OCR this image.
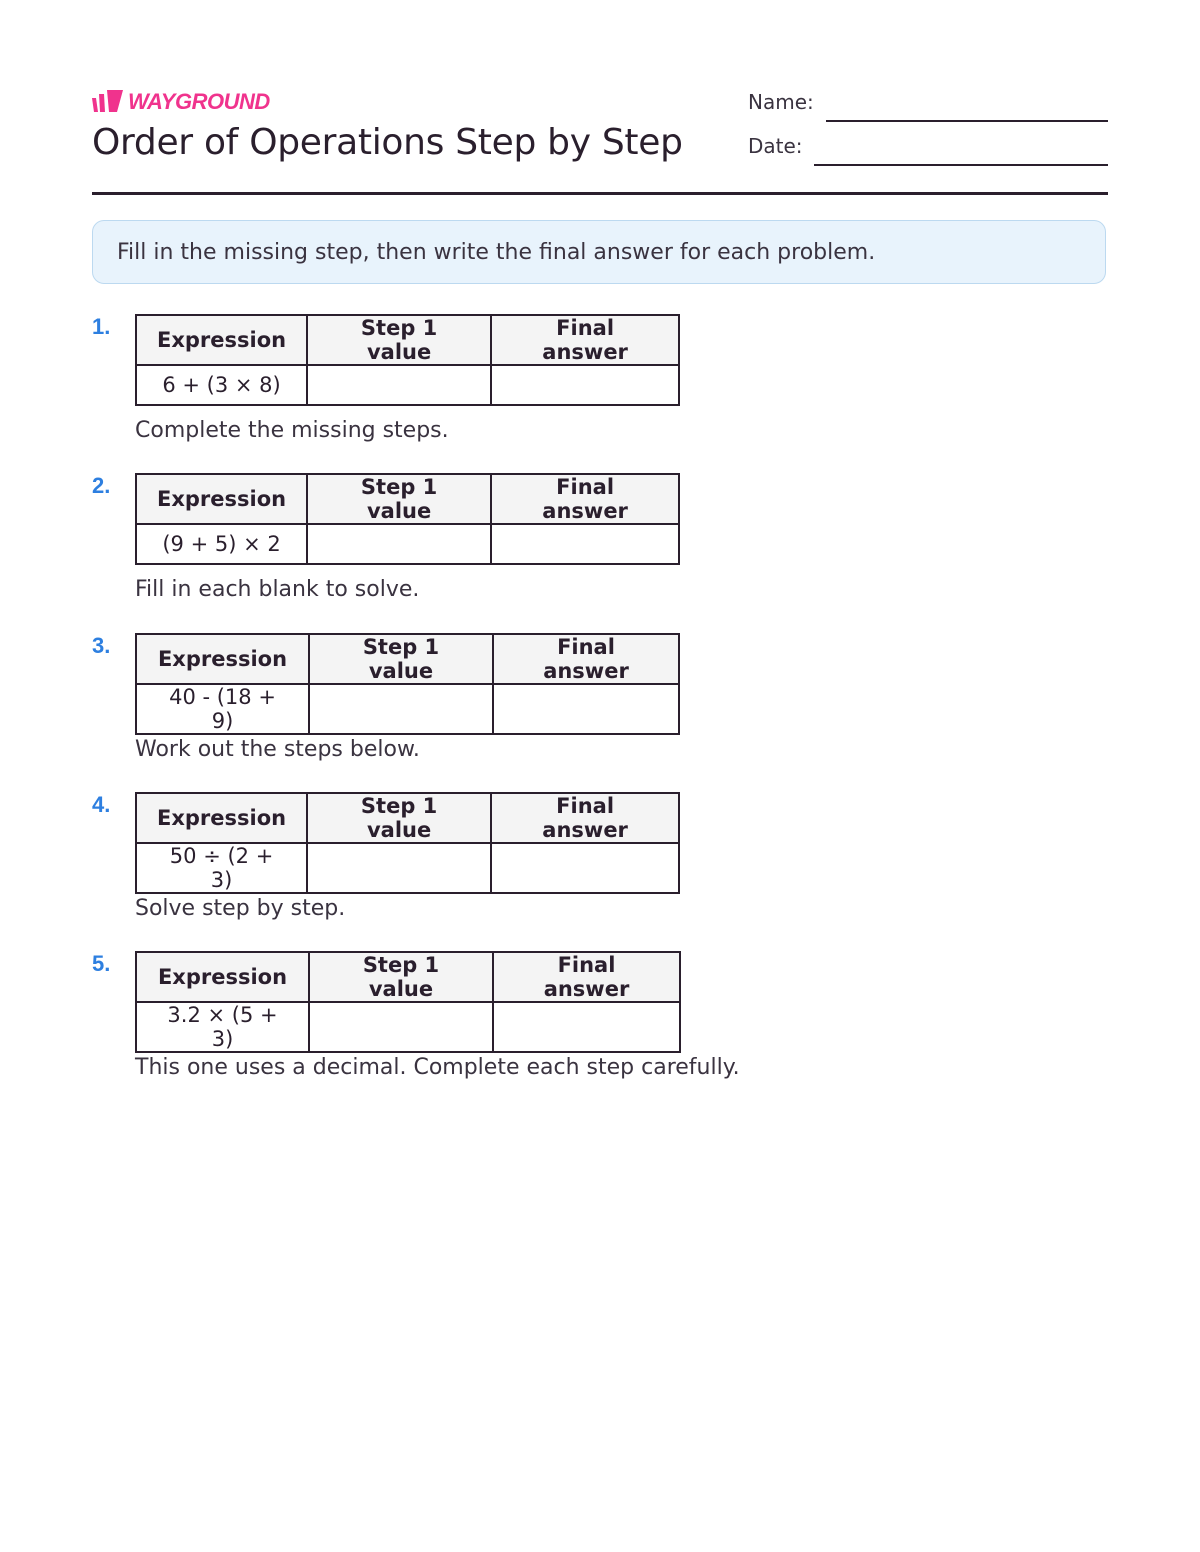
WAYGROUND
Order of Operations Step by Step
Name:
Date:
Fill in the missing step, then write the final answer for each problem.
1.
Expression	Step 1 value	Final answer
6 + (3 × 8)		
Complete the missing steps.
2.
Expression	Step 1 value	Final answer
(9 + 5) × 2		
Fill in each blank to solve.
3.
Expression	Step 1 value	Final answer
40 - (18 + 9)		
Work out the steps below.
4.
Expression	Step 1 value	Final answer
50 ÷ (2 + 3)		
Solve step by step.
5.
Expression	Step 1 value	Final answer
3.2 × (5 + 3)		
This one uses a decimal. Complete each step carefully.
